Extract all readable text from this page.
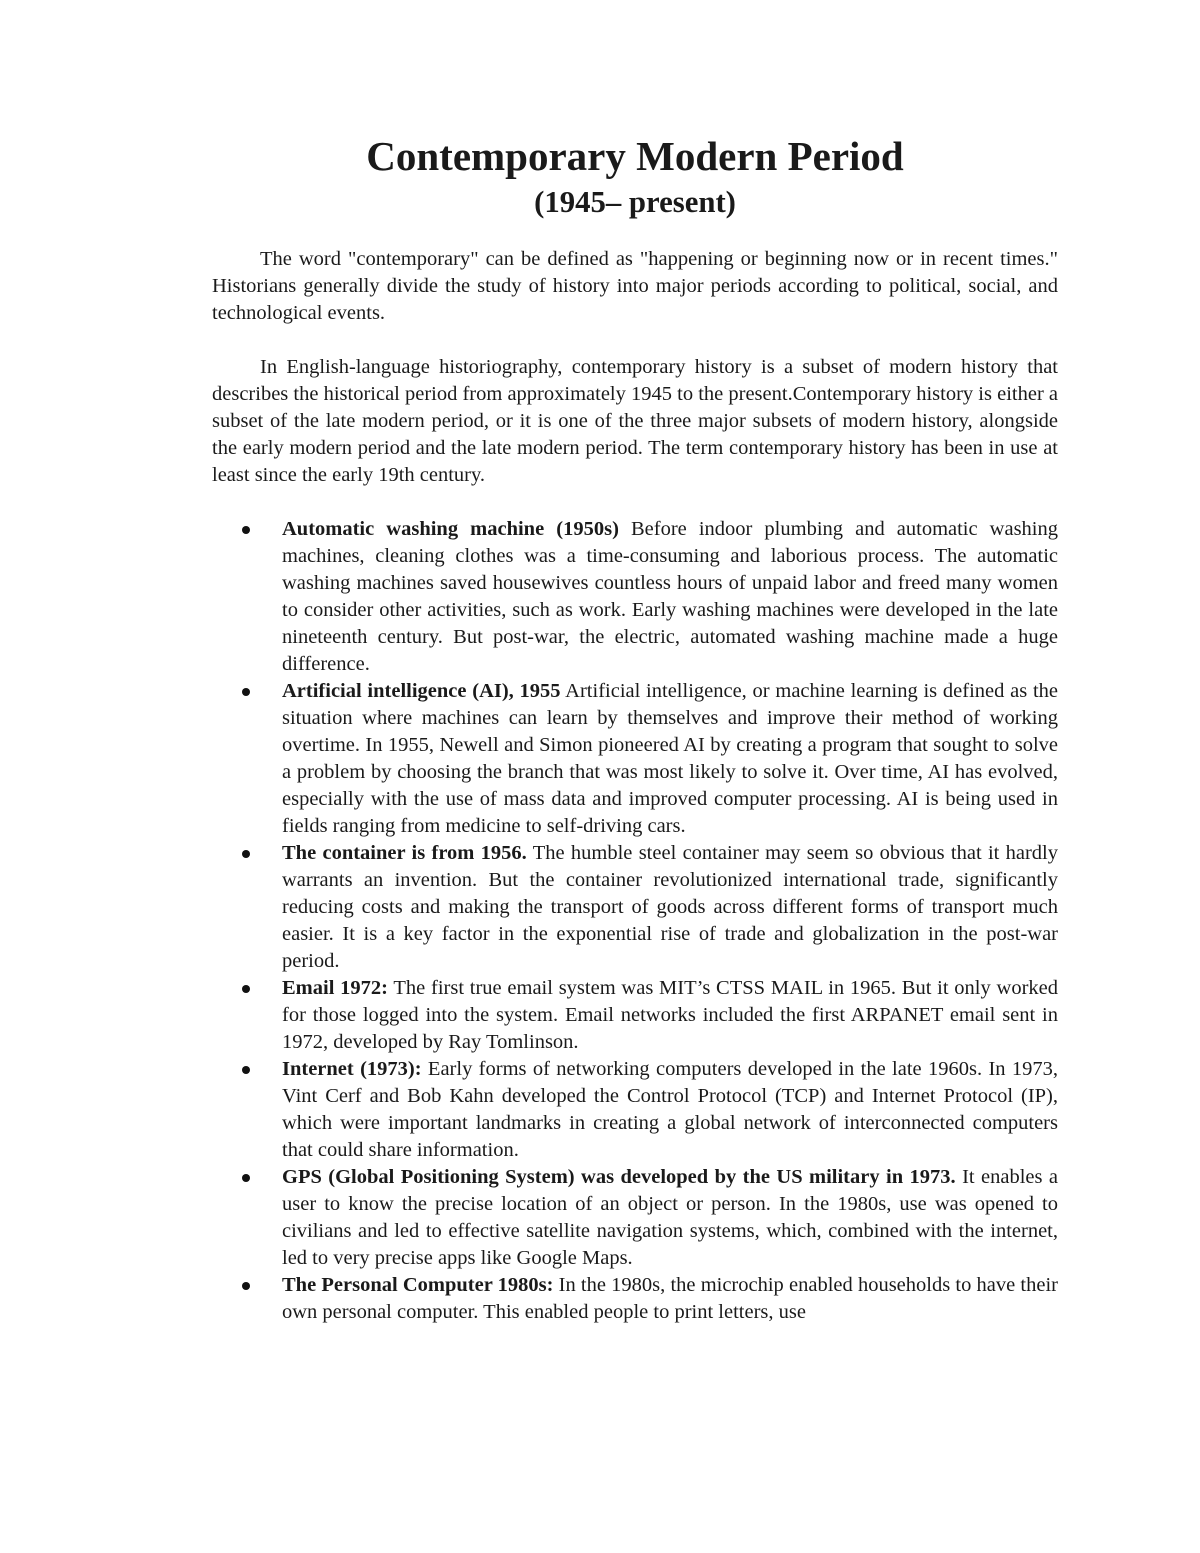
Contemporary Modern Period
(1945– present)

The word "contemporary" can be defined as "happening or beginning now or in recent times." Historians generally divide the study of history into major periods according to political, social, and technological events.

In English-language historiography, contemporary history is a subset of modern history that describes the historical period from approximately 1945 to the present.Contemporary history is either a subset of the late modern period, or it is one of the three major subsets of modern history, alongside the early modern period and the late modern period. The term contemporary history has been in use at least since the early 19th century.

Automatic washing machine (1950s) Before indoor plumbing and automatic washing machines, cleaning clothes was a time-consuming and laborious process. The automatic washing machines saved housewives countless hours of unpaid labor and freed many women to consider other activities, such as work. Early washing machines were developed in the late nineteenth century. But post-war, the electric, automated washing machine made a huge difference.
Artificial intelligence (AI), 1955 Artificial intelligence, or machine learning is defined as the situation where machines can learn by themselves and improve their method of working overtime. In 1955, Newell and Simon pioneered AI by creating a program that sought to solve a problem by choosing the branch that was most likely to solve it. Over time, AI has evolved, especially with the use of mass data and improved computer processing. AI is being used in fields ranging from medicine to self-driving cars.
The container is from 1956. The humble steel container may seem so obvious that it hardly warrants an invention. But the container revolutionized international trade, significantly reducing costs and making the transport of goods across different forms of transport much easier. It is a key factor in the exponential rise of trade and globalization in the post-war period.
Email 1972: The first true email system was MIT’s CTSS MAIL in 1965. But it only worked for those logged into the system. Email networks included the first ARPANET email sent in 1972, developed by Ray Tomlinson.
Internet (1973): Early forms of networking computers developed in the late 1960s. In 1973, Vint Cerf and Bob Kahn developed the Control Protocol (TCP) and Internet Protocol (IP), which were important landmarks in creating a global network of interconnected computers that could share information.
GPS (Global Positioning System) was developed by the US military in 1973. It enables a user to know the precise location of an object or person. In the 1980s, use was opened to civilians and led to effective satellite navigation systems, which, combined with the internet, led to very precise apps like Google Maps.
The Personal Computer 1980s: In the 1980s, the microchip enabled households to have their own personal computer. This enabled people to print letters, use
